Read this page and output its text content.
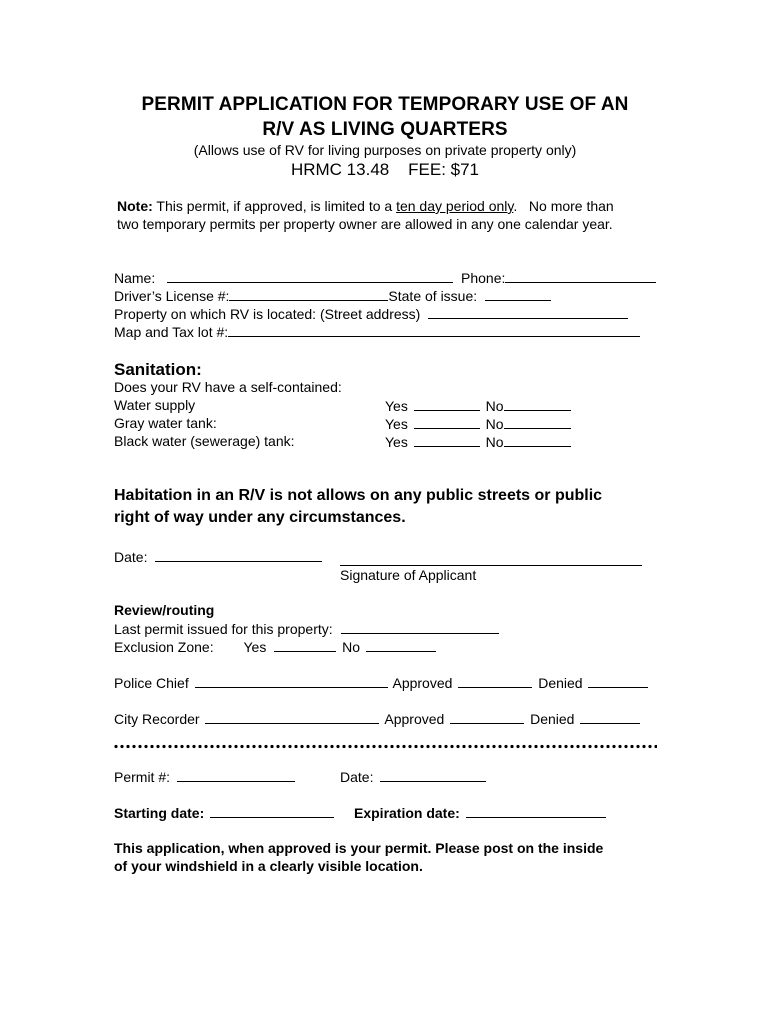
PERMIT APPLICATION FOR TEMPORARY USE OF AN
R/V AS LIVING QUARTERS
(Allows use of RV for living purposes on private property only)
HRMC 13.48 FEE: $71
Note: This permit, if approved, is limited to a ten day period only.   No more than
two temporary permits per property owner are allowed in any one calendar year.
Name:	Phone:
Driver’s License #:	State of issue:
Property on which RV is located: (Street address)
Map and Tax lot #:
Sanitation:
Does your RV have a self-contained:
Water supply	Yes	No
Gray water tank:	Yes	No
Black water (sewerage) tank:	Yes	No
Habitation in an R/V is not allows on any public streets or public
right of way under any circumstances.
Date:
Signature of Applicant
Review/routing
Last permit issued for this property:
Exclusion Zone: Yes	No
Police Chief	Approved	Denied
City Recorder	Approved	Denied
Permit #:	Date:
Starting date:	Expiration date:
This application, when approved is your permit. Please post on the inside
of your windshield in a clearly visible location.
